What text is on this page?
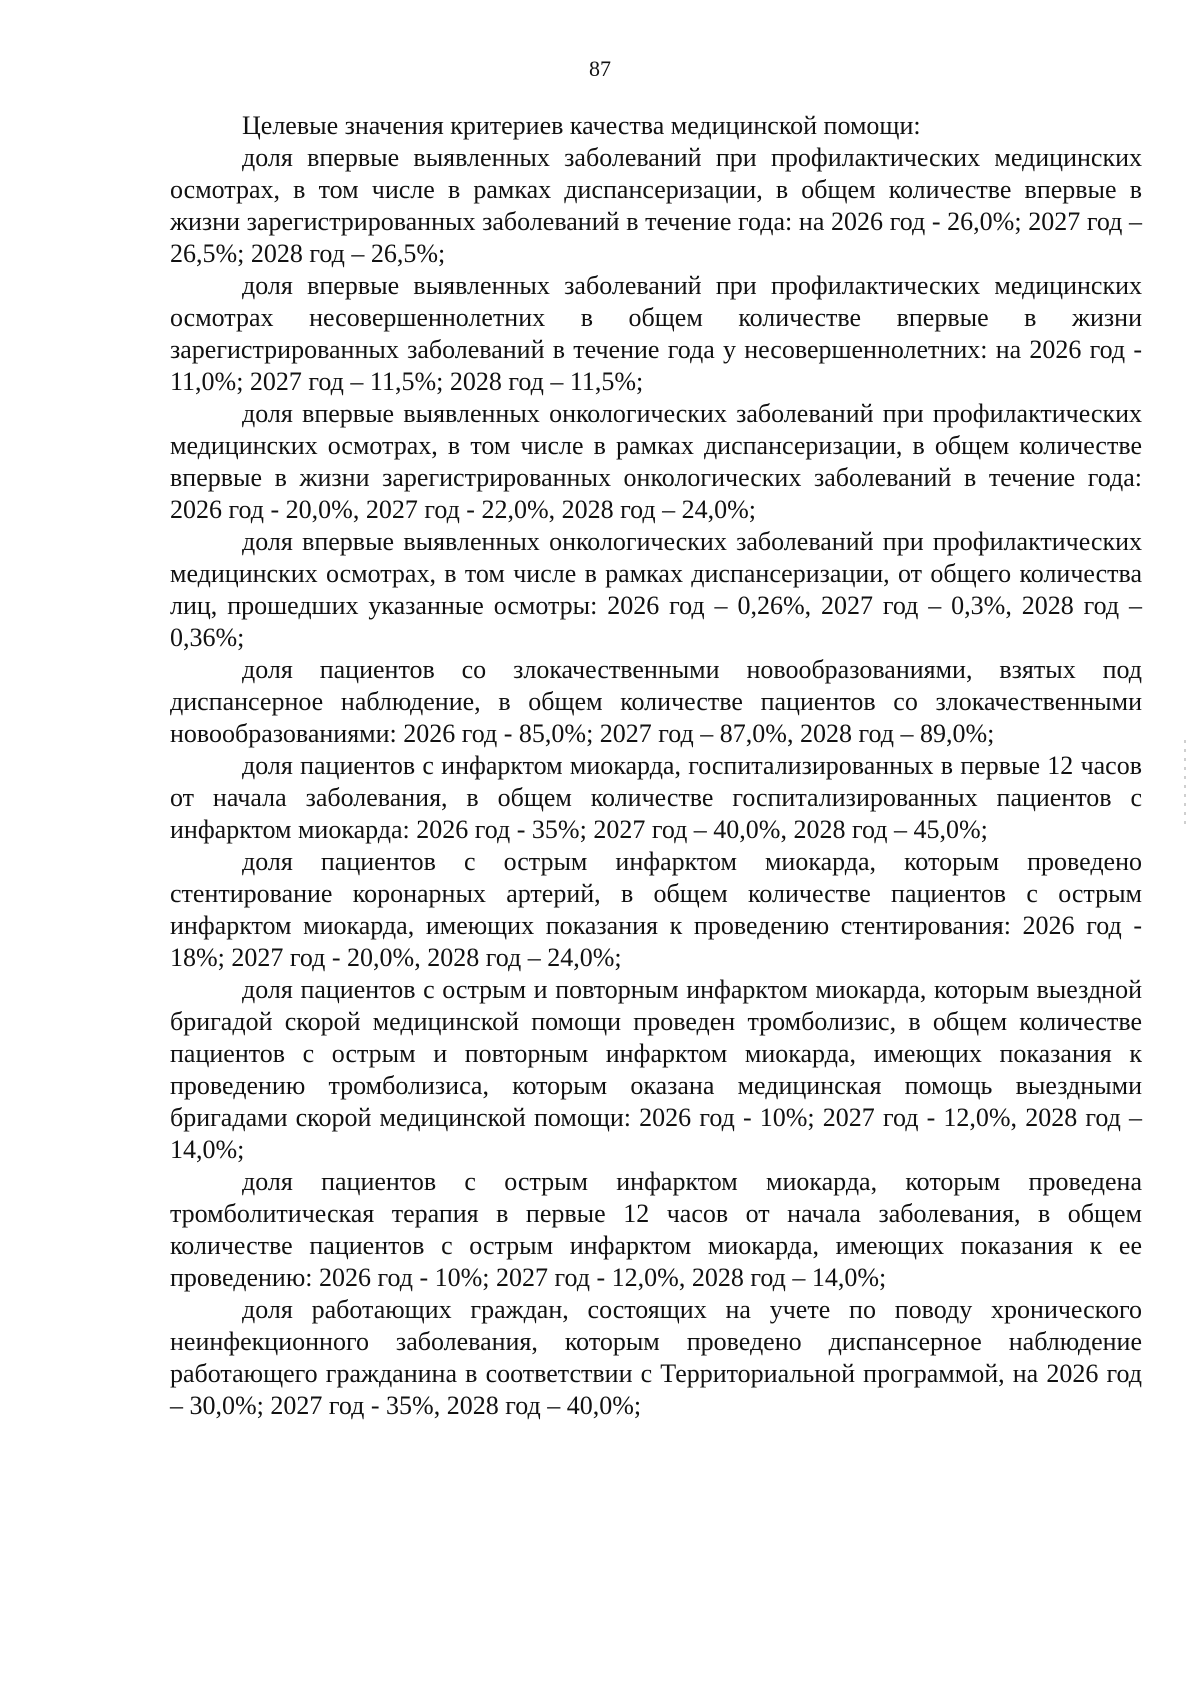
87

Целевые значения критериев качества медицинской помощи:

доля впервые выявленных заболеваний при профилактических медицинских осмотрах, в том числе в рамках диспансеризации, в общем количестве впервые в жизни зарегистрированных заболеваний в течение года: на 2026 год - 26,0%; 2027 год – 26,5%; 2028 год – 26,5%;

доля впервые выявленных заболеваний при профилактических медицинских осмотрах несовершеннолетних в общем количестве впервые в жизни зарегистрированных заболеваний в течение года у несовершеннолетних: на 2026 год - 11,0%; 2027 год – 11,5%; 2028 год – 11,5%;

доля впервые выявленных онкологических заболеваний при профилактических медицинских осмотрах, в том числе в рамках диспансеризации, в общем количестве впервые в жизни зарегистрированных онкологических заболеваний в течение года: 2026 год - 20,0%, 2027 год - 22,0%, 2028 год – 24,0%;

доля впервые выявленных онкологических заболеваний при профилактических медицинских осмотрах, в том числе в рамках диспансеризации, от общего количества лиц, прошедших указанные осмотры: 2026 год – 0,26%, 2027 год – 0,3%, 2028 год – 0,36%;

доля пациентов со злокачественными новообразованиями, взятых под диспансерное наблюдение, в общем количестве пациентов со злокачественными новообразованиями: 2026 год - 85,0%; 2027 год – 87,0%, 2028 год – 89,0%;

доля пациентов с инфарктом миокарда, госпитализированных в первые 12 часов от начала заболевания, в общем количестве госпитализированных пациентов с инфарктом миокарда: 2026 год - 35%; 2027 год – 40,0%, 2028 год – 45,0%;

доля пациентов с острым инфарктом миокарда, которым проведено стентирование коронарных артерий, в общем количестве пациентов с острым инфарктом миокарда, имеющих показания к проведению стентирования: 2026 год - 18%; 2027 год - 20,0%, 2028 год – 24,0%;

доля пациентов с острым и повторным инфарктом миокарда, которым выездной бригадой скорой медицинской помощи проведен тромболизис, в общем количестве пациентов с острым и повторным инфарктом миокарда, имеющих показания к проведению тромболизиса, которым оказана медицинская помощь выездными бригадами скорой медицинской помощи: 2026 год - 10%; 2027 год - 12,0%, 2028 год – 14,0%;

доля пациентов с острым инфарктом миокарда, которым проведена тромболитическая терапия в первые 12 часов от начала заболевания, в общем количестве пациентов с острым инфарктом миокарда, имеющих показания к ее проведению: 2026 год - 10%; 2027 год - 12,0%, 2028 год – 14,0%;

доля работающих граждан, состоящих на учете по поводу хронического неинфекционного заболевания, которым проведено диспансерное наблюдение работающего гражданина в соответствии с Территориальной программой, на 2026 год – 30,0%; 2027 год - 35%, 2028 год – 40,0%;
